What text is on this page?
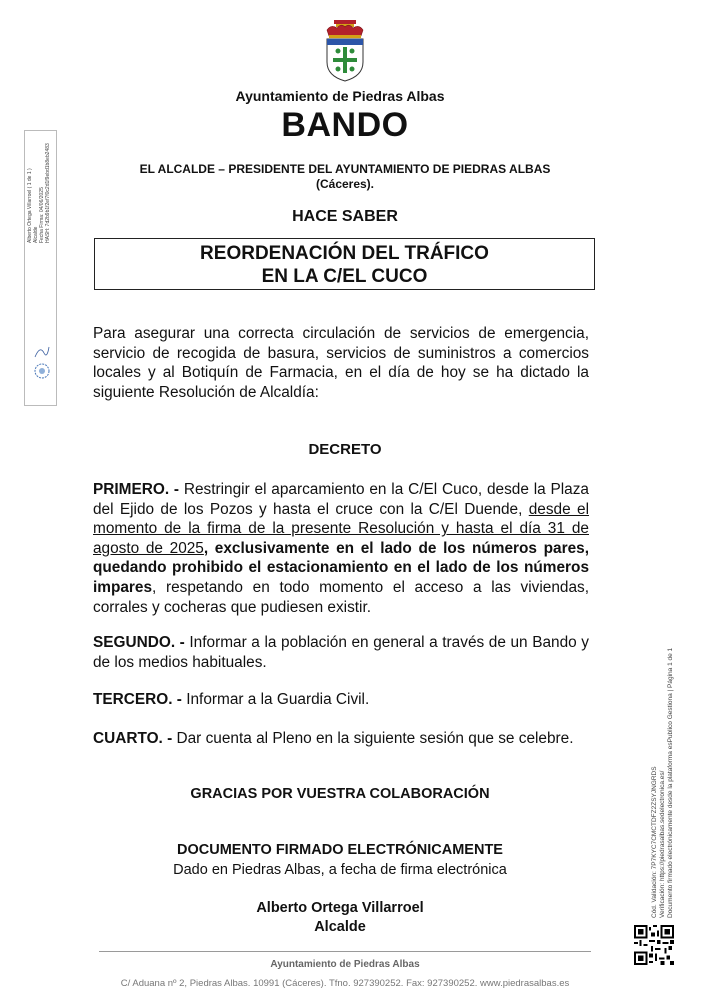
Ayuntamiento de Piedras Albas
BANDO
EL ALCALDE – PRESIDENTE DEL AYUNTAMIENTO DE PIEDRAS ALBAS
(Cáceres).
HACE SABER
REORDENACIÓN DEL TRÁFICO
EN LA C/EL CUCO
Para asegurar una correcta circulación de servicios de emergencia, servicio de recogida de basura, servicios de suministros a comercios locales y al Botiquín de Farmacia, en el día de hoy se ha dictado la siguiente Resolución de Alcaldía:
DECRETO
PRIMERO. - Restringir el aparcamiento en la C/El Cuco, desde la Plaza del Ejido de los Pozos y hasta el cruce con la C/El Duende, desde el momento de la firma de la presente Resolución y hasta el día 31 de agosto de 2025, exclusivamente en el lado de los números pares, quedando prohibido el estacionamiento en el lado de los números impares, respetando en todo momento el acceso a las viviendas, corrales y cocheras que pudiesen existir.
SEGUNDO. - Informar a la población en general a través de un Bando y de los medios habituales.
TERCERO. - Informar a la Guardia Civil.
CUARTO. - Dar cuenta al Pleno en la siguiente sesión que se celebre.
GRACIAS POR VUESTRA COLABORACIÓN
DOCUMENTO FIRMADO ELECTRÓNICAMENTE
Dado en Piedras Albas, a fecha de firma electrónica
Alberto Ortega Villarroel
Alcalde
Ayuntamiento de Piedras Albas
C/ Aduana nº 2, Piedras Albas. 10991 (Cáceres). Tfno. 927390252. Fax: 927390252. www.piedrasalbas.es
Alberto Ortega Villarroel ( 1 de 1 ) Alcalde Fecha Firma: 04/06/2025 HASH: 7d2b9b1f2ef7f0c2d1f9ebd1b8eb2483
Cód. Validación: 7P7KYC7CMCTDFZ2ZSYJNGRDS Verificación: https://piedrasalbas.sedelectronica.es/ Documento firmado electrónicamente desde la plataforma esPublico Gestiona | Página 1 de 1
